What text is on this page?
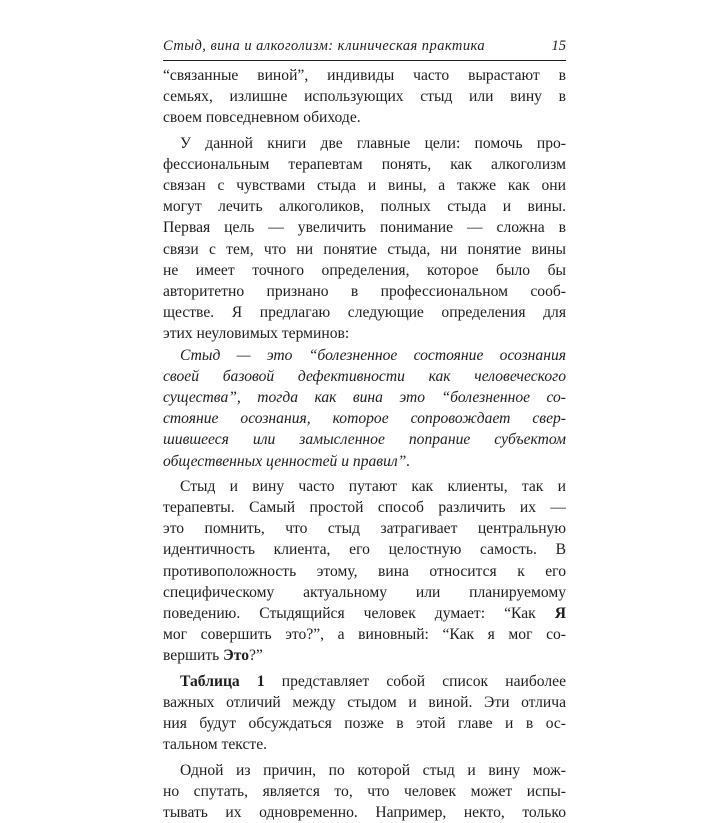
Стыд, вина и алкоголизм: клиническая практика	15
“связанные виной”, индивиды часто вырастают в
семьях, излишне использующих стыд или вину в
своем повседневном обиходе.
У данной книги две главные цели: помочь про-
фессиональным терапевтам понять, как алкоголизм
связан с чувствами стыда и вины, а также как они
могут лечить алкоголиков, полных стыда и вины.
Первая цель — увеличить понимание — сложна в
связи с тем, что ни понятие стыда, ни понятие вины
не имеет точного определения, которое было бы
авторитетно признано в профессиональном сооб-
ществе. Я предлагаю следующие определения для
этих неуловимых терминов:
Стыд — это “болезненное состояние осознания
своей базовой дефективности как человеческого
существа”, тогда как вина это “болезненное со-
стояние осознания, которое сопровождает свер-
шившееся или замысленное попрание субъектом
общественных ценностей и правил”.
Стыд и вину часто путают как клиенты, так и
терапевты. Самый простой способ различить их —
это помнить, что стыд затрагивает центральную
идентичность клиента, его целостную самость. В
противоположность этому, вина относится к его
специфическому актуальному или планируемому
поведению. Стыдящийся человек думает: “Как Я
мог совершить это?”, а виновный: “Как я мог со-
вершить Это?”
Таблица 1 представляет собой список наиболее
важных отличий между стыдом и виной. Эти отлича
ния будут обсуждаться позже в этой главе и в ос-
тальном тексте.
Одной из причин, по которой стыд и вину мож-
но спутать, является то, что человек может испы-
тывать их одновременно. Например, некто, только
